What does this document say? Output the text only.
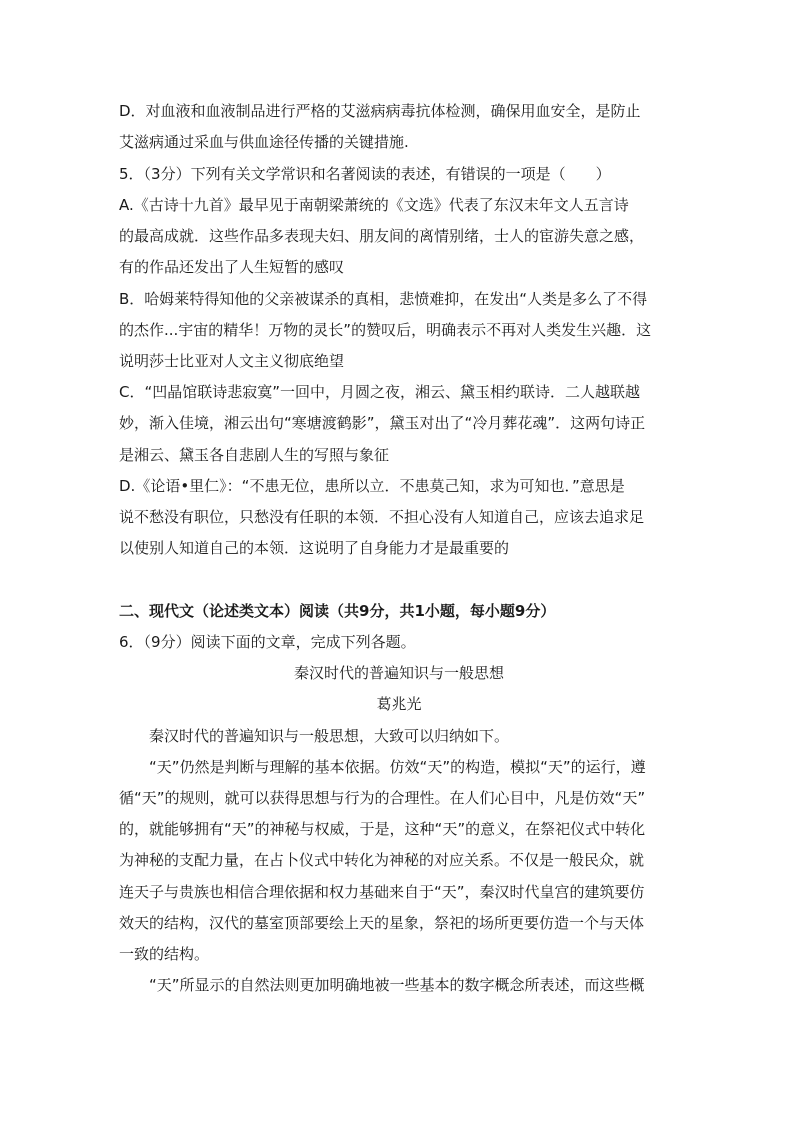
D．对血液和血液制品进行严格的艾滋病病毒抗体检测，确保用血安全，是防止
艾滋病通过采血与供血途径传播的关键措施.
5．（3分）下列有关文学常识和名著阅读的表述，有错误的一项是（　　）
A.《古诗十九首》最早见于南朝梁萧统的《文选》代表了东汉末年文人五言诗
的最高成就．这些作品多表现夫妇、朋友间的离情别绪，士人的宦游失意之感，
有的作品还发出了人生短暂的感叹
B．哈姆莱特得知他的父亲被谋杀的真相，悲愤难抑，在发出“人类是多么了不得
的杰作...宇宙的精华！万物的灵长”的赞叹后，明确表示不再对人类发生兴趣．这
说明莎士比亚对人文主义彻底绝望
C．“凹晶馆联诗悲寂寞”一回中，月圆之夜，湘云、黛玉相约联诗．二人越联越
妙，渐入佳境，湘云出句“寒塘渡鹤影”，黛玉对出了“冷月葬花魂”．这两句诗正
是湘云、黛玉各自悲剧人生的写照与象征
D.《论语•里仁》：“不患无位，患所以立．不患莫己知，求为可知也．”意思是
说不愁没有职位，只愁没有任职的本领．不担心没有人知道自己，应该去追求足
以使别人知道自己的本领．这说明了自身能力才是最重要的
二、现代文（论述类文本）阅读（共9分，共1小题，每小题9分）
6．（9分）阅读下面的文章，完成下列各题。
秦汉时代的普遍知识与一般思想
葛兆光
　　秦汉时代的普遍知识与一般思想，大致可以归纳如下。
　　“天”仍然是判断与理解的基本依据。仿效“天”的构造，模拟“天”的运行，遵
循“天”的规则，就可以获得思想与行为的合理性。在人们心目中，凡是仿效“天”
的，就能够拥有“天”的神秘与权威，于是，这种“天”的意义，在祭祀仪式中转化
为神秘的支配力量，在占卜仪式中转化为神秘的对应关系。不仅是一般民众，就
连天子与贵族也相信合理依据和权力基础来自于“天”，秦汉时代皇宫的建筑要仿
效天的结构，汉代的墓室顶部要绘上天的星象，祭祀的场所更要仿造一个与天体
一致的结构。
　　“天”所显示的自然法则更加明确地被一些基本的数字概念所表述，而这些概
